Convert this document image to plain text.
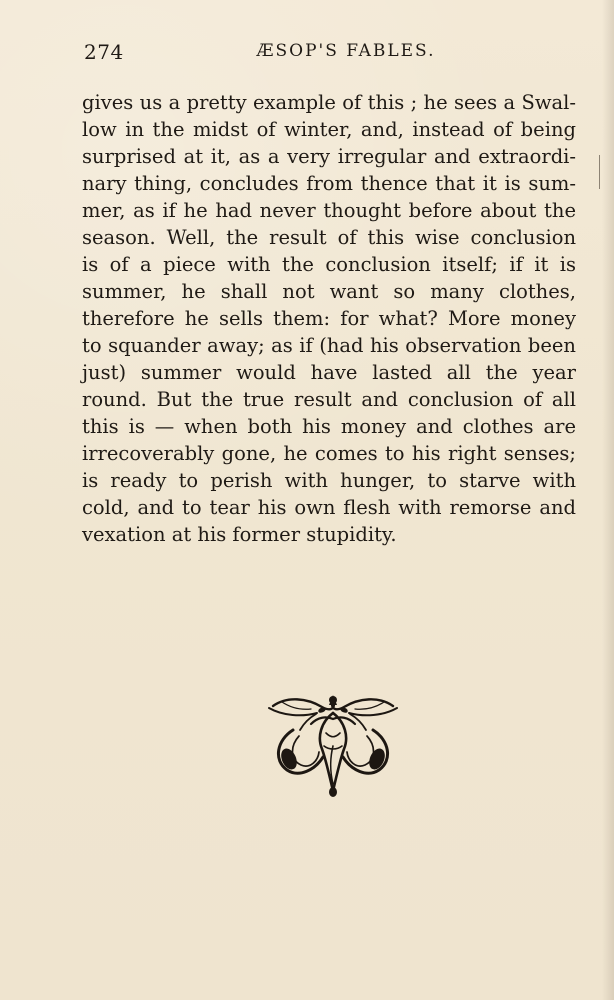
274	ÆSOP'S FABLES.
gives us a pretty example of this ; he sees a Swal-
low in the midst of winter, and, instead of being
surprised at it, as a very irregular and extraordi-
nary thing, concludes from thence that it is sum-
mer, as if he had never thought before about the
season. Well, the result of this wise conclusion
is of a piece with the conclusion itself; if it is
summer, he shall not want so many clothes,
therefore he sells them: for what? More money
to squander away; as if (had his observation been
just) summer would have lasted all the year
round. But the true result and conclusion of all
this is — when both his money and clothes are
irrecoverably gone, he comes to his right senses;
is ready to perish with hunger, to starve with
cold, and to tear his own flesh with remorse and
vexation at his former stupidity.
